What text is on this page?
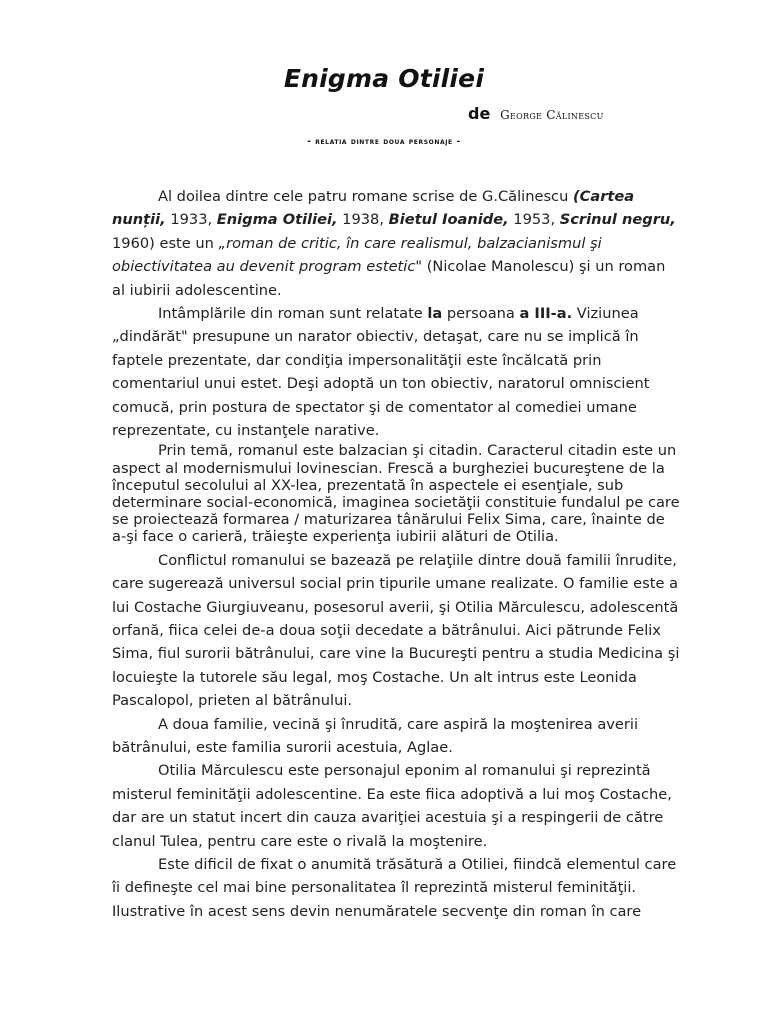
Enigma Otiliei
de George Călinescu
- relatia dintre doua personaje -

Al doilea dintre cele patru romane scrise de G.Călinescu (Cartea
nunții, 1933, Enigma Otiliei, 1938, Bietul Ioanide, 1953, Scrinul negru,
1960) este un „roman de critic, în care realismul, balzacianismul şi
obiectivitatea au devenit program estetic" (Nicolae Manolescu) şi un roman
al iubirii adolescentine.

Intâmplările din roman sunt relatate la persoana a III-a. Viziunea
„dindărăt" presupune un narator obiectiv, detaşat, care nu se implică în
faptele prezentate, dar condiţia impersonalităţii este încălcată prin
comentariul unui estet. Deşi adoptă un ton obiectiv, naratorul omniscient
comucă, prin postura de spectator şi de comentator al comediei umane
reprezentate, cu instanţele narative.

Prin temă, romanul este balzacian şi citadin. Caracterul citadin este un
aspect al modernismului lovinescian. Frescă a burgheziei bucureştene de la
începutul secolului al XX-lea, prezentată în aspectele ei esenţiale, sub
determinare social-economică, imaginea societăţii constituie fundalul pe care
se proiectează formarea / maturizarea tânărului Felix Sima, care, înainte de
a-şi face o carieră, trăieşte experienţa iubirii alături de Otilia.

Conflictul romanului se bazează pe relaţiile dintre două familii înrudite,
care sugerează universul social prin tipurile umane realizate. O familie este a
lui Costache Giurgiuveanu, posesorul averii, şi Otilia Mărculescu, adolescentă
orfană, fiica celei de-a doua soţii decedate a bătrânului. Aici pătrunde Felix
Sima, fiul surorii bătrânului, care vine la Bucureşti pentru a studia Medicina şi
locuieşte la tutorele său legal, moş Costache. Un alt intrus este Leonida
Pascalopol, prieten al bătrânului.

A doua familie, vecină şi înrudită, care aspiră la moştenirea averii
bătrânului, este familia surorii acestuia, Aglae.

Otilia Mărculescu este personajul eponim al romanului şi reprezintă
misterul feminităţii adolescentine. Ea este fiica adoptivă a lui moş Costache,
dar are un statut incert din cauza avariţiei acestuia şi a respingerii de către
clanul Tulea, pentru care este o rivală la moştenire.

Este dificil de fixat o anumită trăsătură a Otiliei, fiindcă elementul care
îi defineşte cel mai bine personalitatea îl reprezintă misterul feminităţii.
Ilustrative în acest sens devin nenumăratele secvenţe din roman în care
